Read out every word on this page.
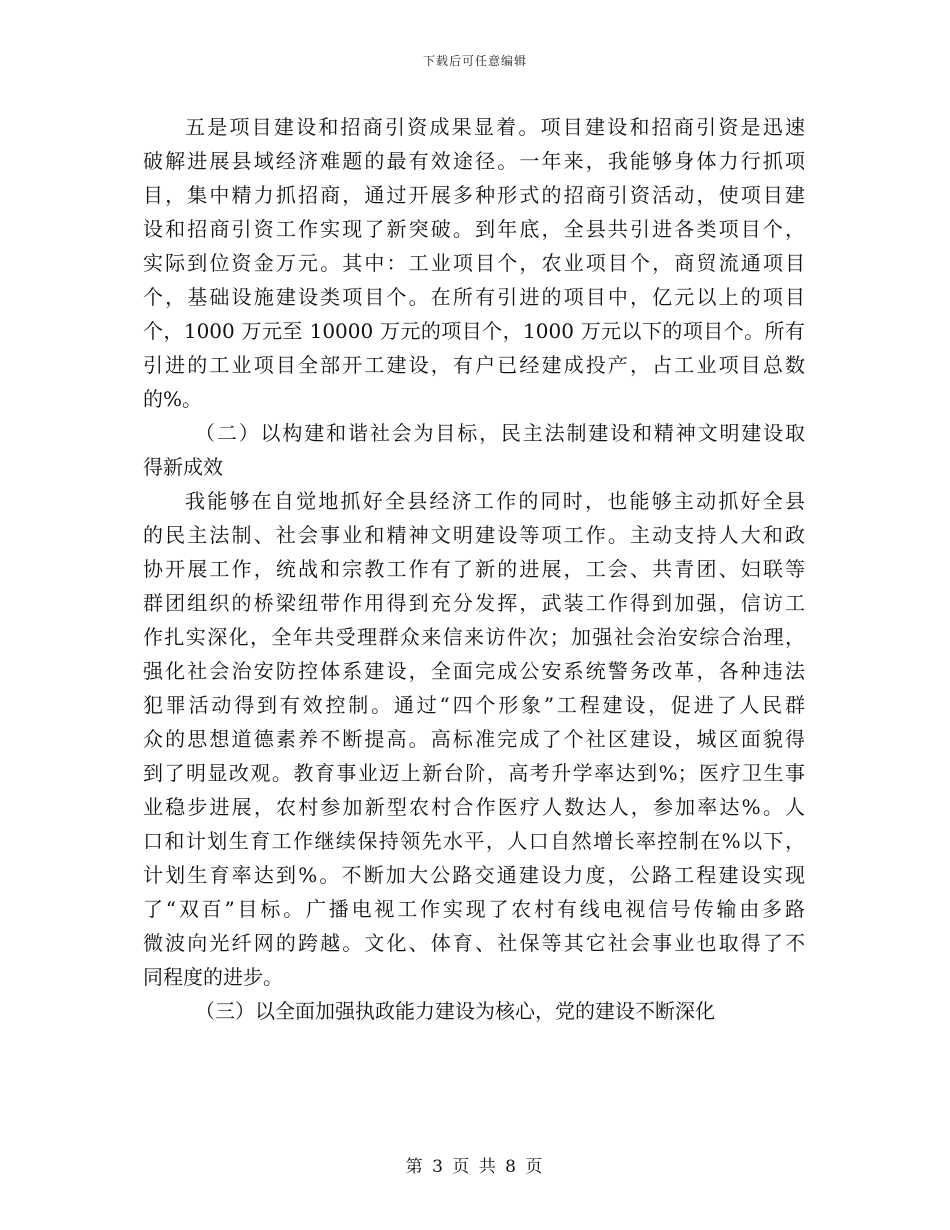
下载后可任意编辑
五是项目建设和招商引资成果显着。项目建设和招商引资是迅速
破解进展县域经济难题的最有效途径。一年来，我能够身体力行抓项
目，集中精力抓招商，通过开展多种形式的招商引资活动，使项目建
设和招商引资工作实现了新突破。到年底，全县共引进各类项目个，
实际到位资金万元。其中：工业项目个，农业项目个，商贸流通项目
个，基础设施建设类项目个。在所有引进的项目中，亿元以上的项目
个，1000 万元至 10000 万元的项目个，1000 万元以下的项目个。所有
引进的工业项目全部开工建设，有户已经建成投产，占工业项目总数
的%。
（二）以构建和谐社会为目标，民主法制建设和精神文明建设取
得新成效
我能够在自觉地抓好全县经济工作的同时，也能够主动抓好全县
的民主法制、社会事业和精神文明建设等项工作。主动支持人大和政
协开展工作，统战和宗教工作有了新的进展，工会、共青团、妇联等
群团组织的桥梁纽带作用得到充分发挥，武装工作得到加强，信访工
作扎实深化，全年共受理群众来信来访件次；加强社会治安综合治理，
强化社会治安防控体系建设，全面完成公安系统警务改革，各种违法
犯罪活动得到有效控制。通过“四个形象”工程建设，促进了人民群
众的思想道德素养不断提高。高标准完成了个社区建设，城区面貌得
到了明显改观。教育事业迈上新台阶，高考升学率达到%；医疗卫生事
业稳步进展，农村参加新型农村合作医疗人数达人，参加率达%。人
口和计划生育工作继续保持领先水平，人口自然增长率控制在%以下，
计划生育率达到%。不断加大公路交通建设力度，公路工程建设实现
了“双百”目标。广播电视工作实现了农村有线电视信号传输由多路
微波向光纤网的跨越。文化、体育、社保等其它社会事业也取得了不
同程度的进步。
（三）以全面加强执政能力建设为核心，党的建设不断深化
第 3 页 共 8 页
